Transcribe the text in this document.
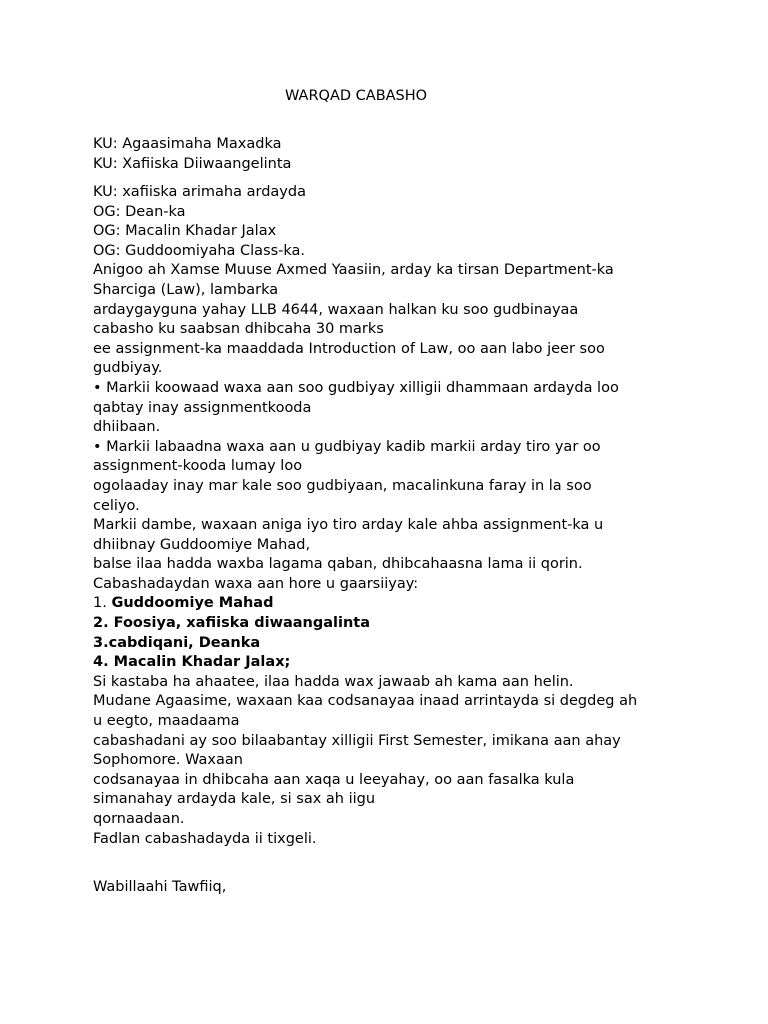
WARQAD CABASHO
KU: Agaasimaha Maxadka
KU: Xafiiska Diiwaangelinta
KU: xafiiska arimaha ardayda
OG: Dean-ka
OG: Macalin Khadar Jalax
OG: Guddoomiyaha Class-ka.
Anigoo ah Xamse Muuse Axmed Yaasiin, arday ka tirsan Department-ka
Sharciga (Law), lambarka
ardaygayguna yahay LLB 4644, waxaan halkan ku soo gudbinayaa
cabasho ku saabsan dhibcaha 30 marks
ee assignment-ka maaddada Introduction of Law, oo aan labo jeer soo
gudbiyay.
• Markii koowaad waxa aan soo gudbiyay xilligii dhammaan ardayda loo
qabtay inay assignmentkooda
dhiibaan.
• Markii labaadna waxa aan u gudbiyay kadib markii arday tiro yar oo
assignment-kooda lumay loo
ogolaaday inay mar kale soo gudbiyaan, macalinkuna faray in la soo
celiyo.
Markii dambe, waxaan aniga iyo tiro arday kale ahba assignment-ka u
dhiibnay Guddoomiye Mahad,
balse ilaa hadda waxba lagama qaban, dhibcahaasna lama ii qorin.
Cabashadaydan waxa aan hore u gaarsiiyay:
1. Guddoomiye Mahad
2. Foosiya, xafiiska diwaangalinta
3.cabdiqani, Deanka
4. Macalin Khadar Jalax;
Si kastaba ha ahaatee, ilaa hadda wax jawaab ah kama aan helin.
Mudane Agaasime, waxaan kaa codsanayaa inaad arrintayda si degdeg ah
u eegto, maadaama
cabashadani ay soo bilaabantay xilligii First Semester, imikana aan ahay
Sophomore. Waxaan
codsanayaa in dhibcaha aan xaqa u leeyahay, oo aan fasalka kula
simanahay ardayda kale, si sax ah iigu
qornaadaan.
Fadlan cabashadayda ii tixgeli.
Wabillaahi Tawfiiq,
